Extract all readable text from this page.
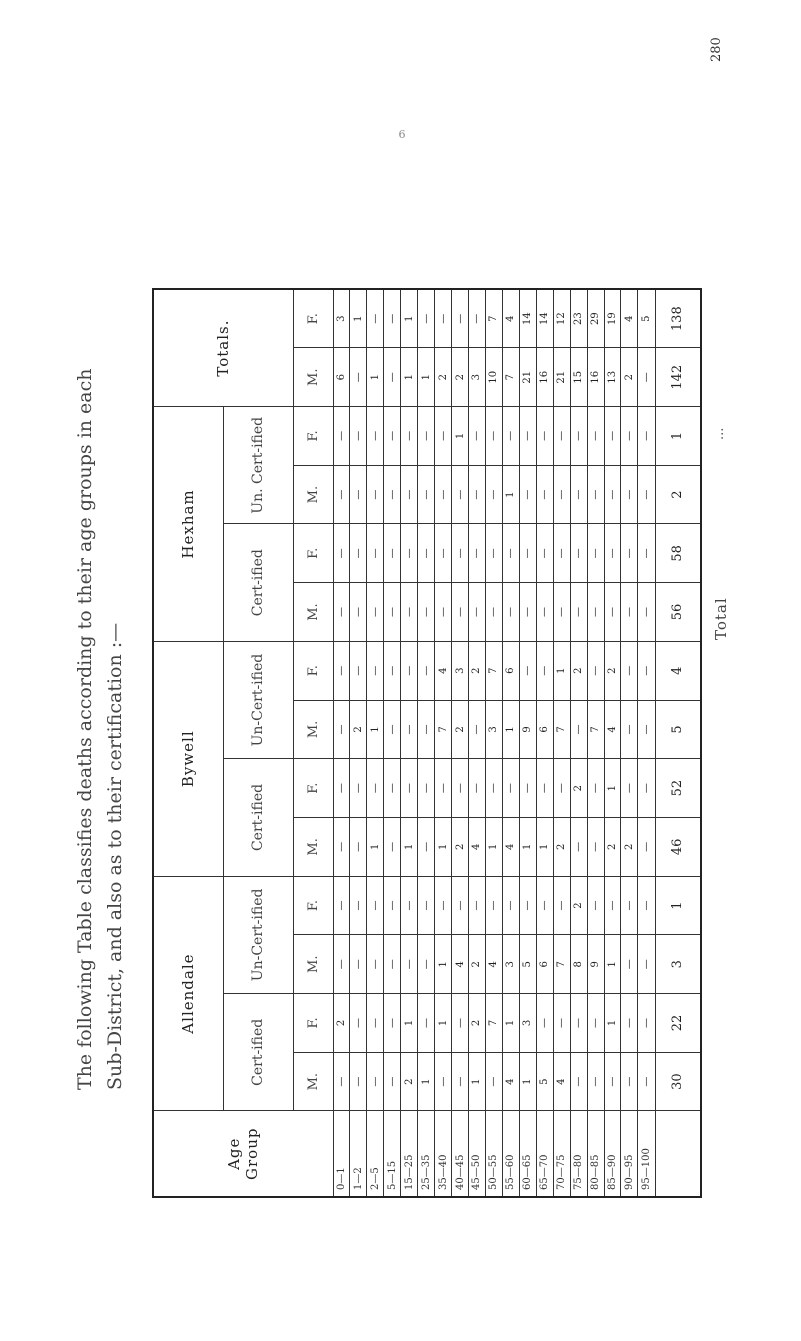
6
The following Table classifies deaths according to their age groups in each Sub-District, and also as to their certification :—
Age Group	Allendale				Bywell				Hexham				Totals.	
	Cert-ified		Un-Cert-ified		Cert-ified		Un-Cert-ified		Cert-ified		Un. Cert-ified			
	M.	F.	M.	F.	M.	F.	M.	F.	M.	F.	M.	F.	M.	F.
0—1	—	2	—	—	—	—	—	—	—	—	—	—	6	3
1—2	—	—	—	—	—	—	2	—	—	—	—	—	—	1
2—5	—	—	—	—	1	—	1	—	—	—	—	—	1	—
5—15	—	—	—	—	—	—	—	—	—	—	—	—	—	—
15—25	2	1	—	—	1	—	—	—	—	—	—	—	1	1
25—35	1	—	—	—	—	—	—	—	—	—	—	—	1	—
35—40	—	1	1	—	1	—	7	4	—	—	—	—	2	—
40—45	—	—	4	—	2	—	2	3	—	—	—	1	2	—
45—50	1	2	2	—	4	—	—	2	—	—	—	—	3	—
50—55	—	7	4	—	1	—	3	7	—	—	—	—	10	7
55—60	4	1	3	—	4	—	1	6	—	—	1	—	7	4
60—65	1	3	5	—	1	—	9	—	—	—	—	—	21	14
65—70	5	—	6	—	1	—	6	—	—	—	—	—	16	14
70—75	4	—	7	—	2	—	7	1	—	—	—	—	21	12
75—80	—	—	8	2	—	2	—	2	—	—	—	—	15	23
80—85	—	—	9	—	—	—	7	—	—	—	—	—	16	29
85—90	—	1	1	—	2	1	4	2	—	—	—	—	13	19
90—95	—	—	—	—	2	—	—	—	—	—	—	—	2	4
95—100	—	—	—	—	—	—	—	—	—	—	—	—	—	5
	30	22	3	1	46	52	5	4	56	58	2	1	142	138
280
...
Total
